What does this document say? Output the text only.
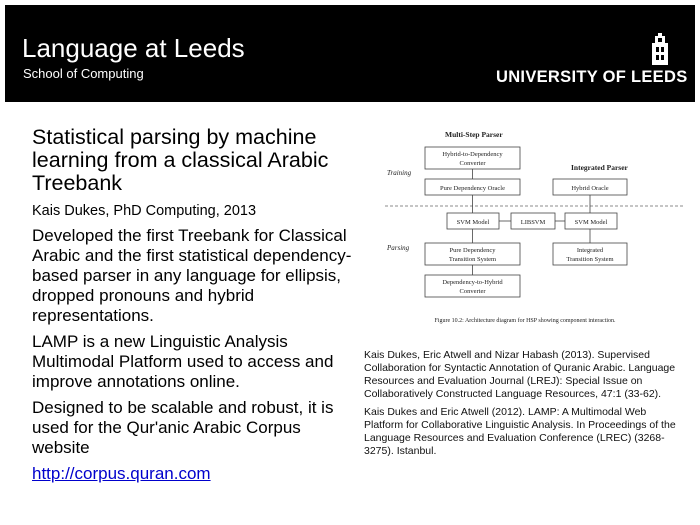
Language at Leeds
School of Computing	UNIVERSITY OF LEEDS

Statistical parsing by machine learning from a classical Arabic Treebank

Kais Dukes, PhD Computing, 2013

Developed the first Treebank for Classical Arabic and the first statistical dependency-based parser in any language for ellipsis, dropped pronouns and hybrid representations.

LAMP is a new Linguistic Analysis Multimodal Platform used to access and improve annotations online.

Designed to be scalable and robust, it is used for the Qur'anic Arabic Corpus website

http://corpus.quran.com
Multi-Step Parser
Integrated Parser
Training
Parsing
Hybrid-to-Dependency
Converter
Pure Dependency Oracle	Hybrid Oracle
SVM Model	LIBSVM	SVM Model
Pure Dependency
Transition System
Integrated
Transition System
Dependency-to-Hybrid
Converter
Figure 10.2: Architecture diagram for HSP showing component interaction.

Kais Dukes, Eric Atwell and Nizar Habash (2013). Supervised Collaboration for Syntactic Annotation of Quranic Arabic. Language Resources and Evaluation Journal (LREJ): Special Issue on Collaboratively Constructed Language Resources, 47:1 (33-62).

Kais Dukes and Eric Atwell (2012). LAMP: A Multimodal Web Platform for Collaborative Linguistic Analysis. In Proceedings of the Language Resources and Evaluation Conference (LREC) (3268-3275). Istanbul.
